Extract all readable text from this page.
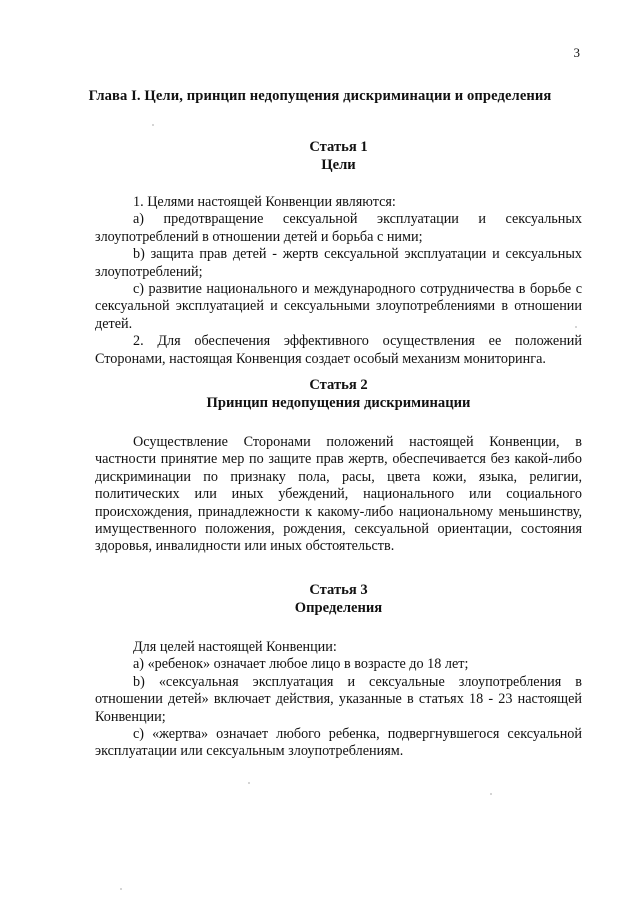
3
Глава I. Цели, принцип недопущения дискриминации и определения
Статья 1
Цели

1. Целями настоящей Конвенции являются:

a) предотвращение сексуальной эксплуатации и сексуальных злоупотреблений в отношении детей и борьба с ними;

b) защита прав детей - жертв сексуальной эксплуатации и сексуальных злоупотреблений;

c) развитие национального и международного сотрудничества в борьбе с сексуальной эксплуатацией и сексуальными злоупотреблениями в отношении детей.

2. Для обеспечения эффективного осуществления ее положений Сторонами, настоящая Конвенция создает особый механизм мониторинга.

Статья 2
Принцип недопущения дискриминации

Осуществление Сторонами положений настоящей Конвенции, в частности принятие мер по защите прав жертв, обеспечивается без какой-либо дискриминации по признаку пола, расы, цвета кожи, языка, религии, политических или иных убеждений, национального или социального происхождения, принадлежности к какому-либо национальному меньшинству, имущественного положения, рождения, сексуальной ориентации, состояния здоровья, инвалидности или иных обстоятельств.

Статья 3
Определения

Для целей настоящей Конвенции:

а) «ребенок» означает любое лицо в возрасте до 18 лет;

b) «сексуальная эксплуатация и сексуальные злоупотребления в отношении детей» включает действия, указанные в статьях 18 - 23 настоящей Конвенции;

с) «жертва» означает любого ребенка, подвергнувшегося сексуальной эксплуатации или сексуальным злоупотреблениям.
